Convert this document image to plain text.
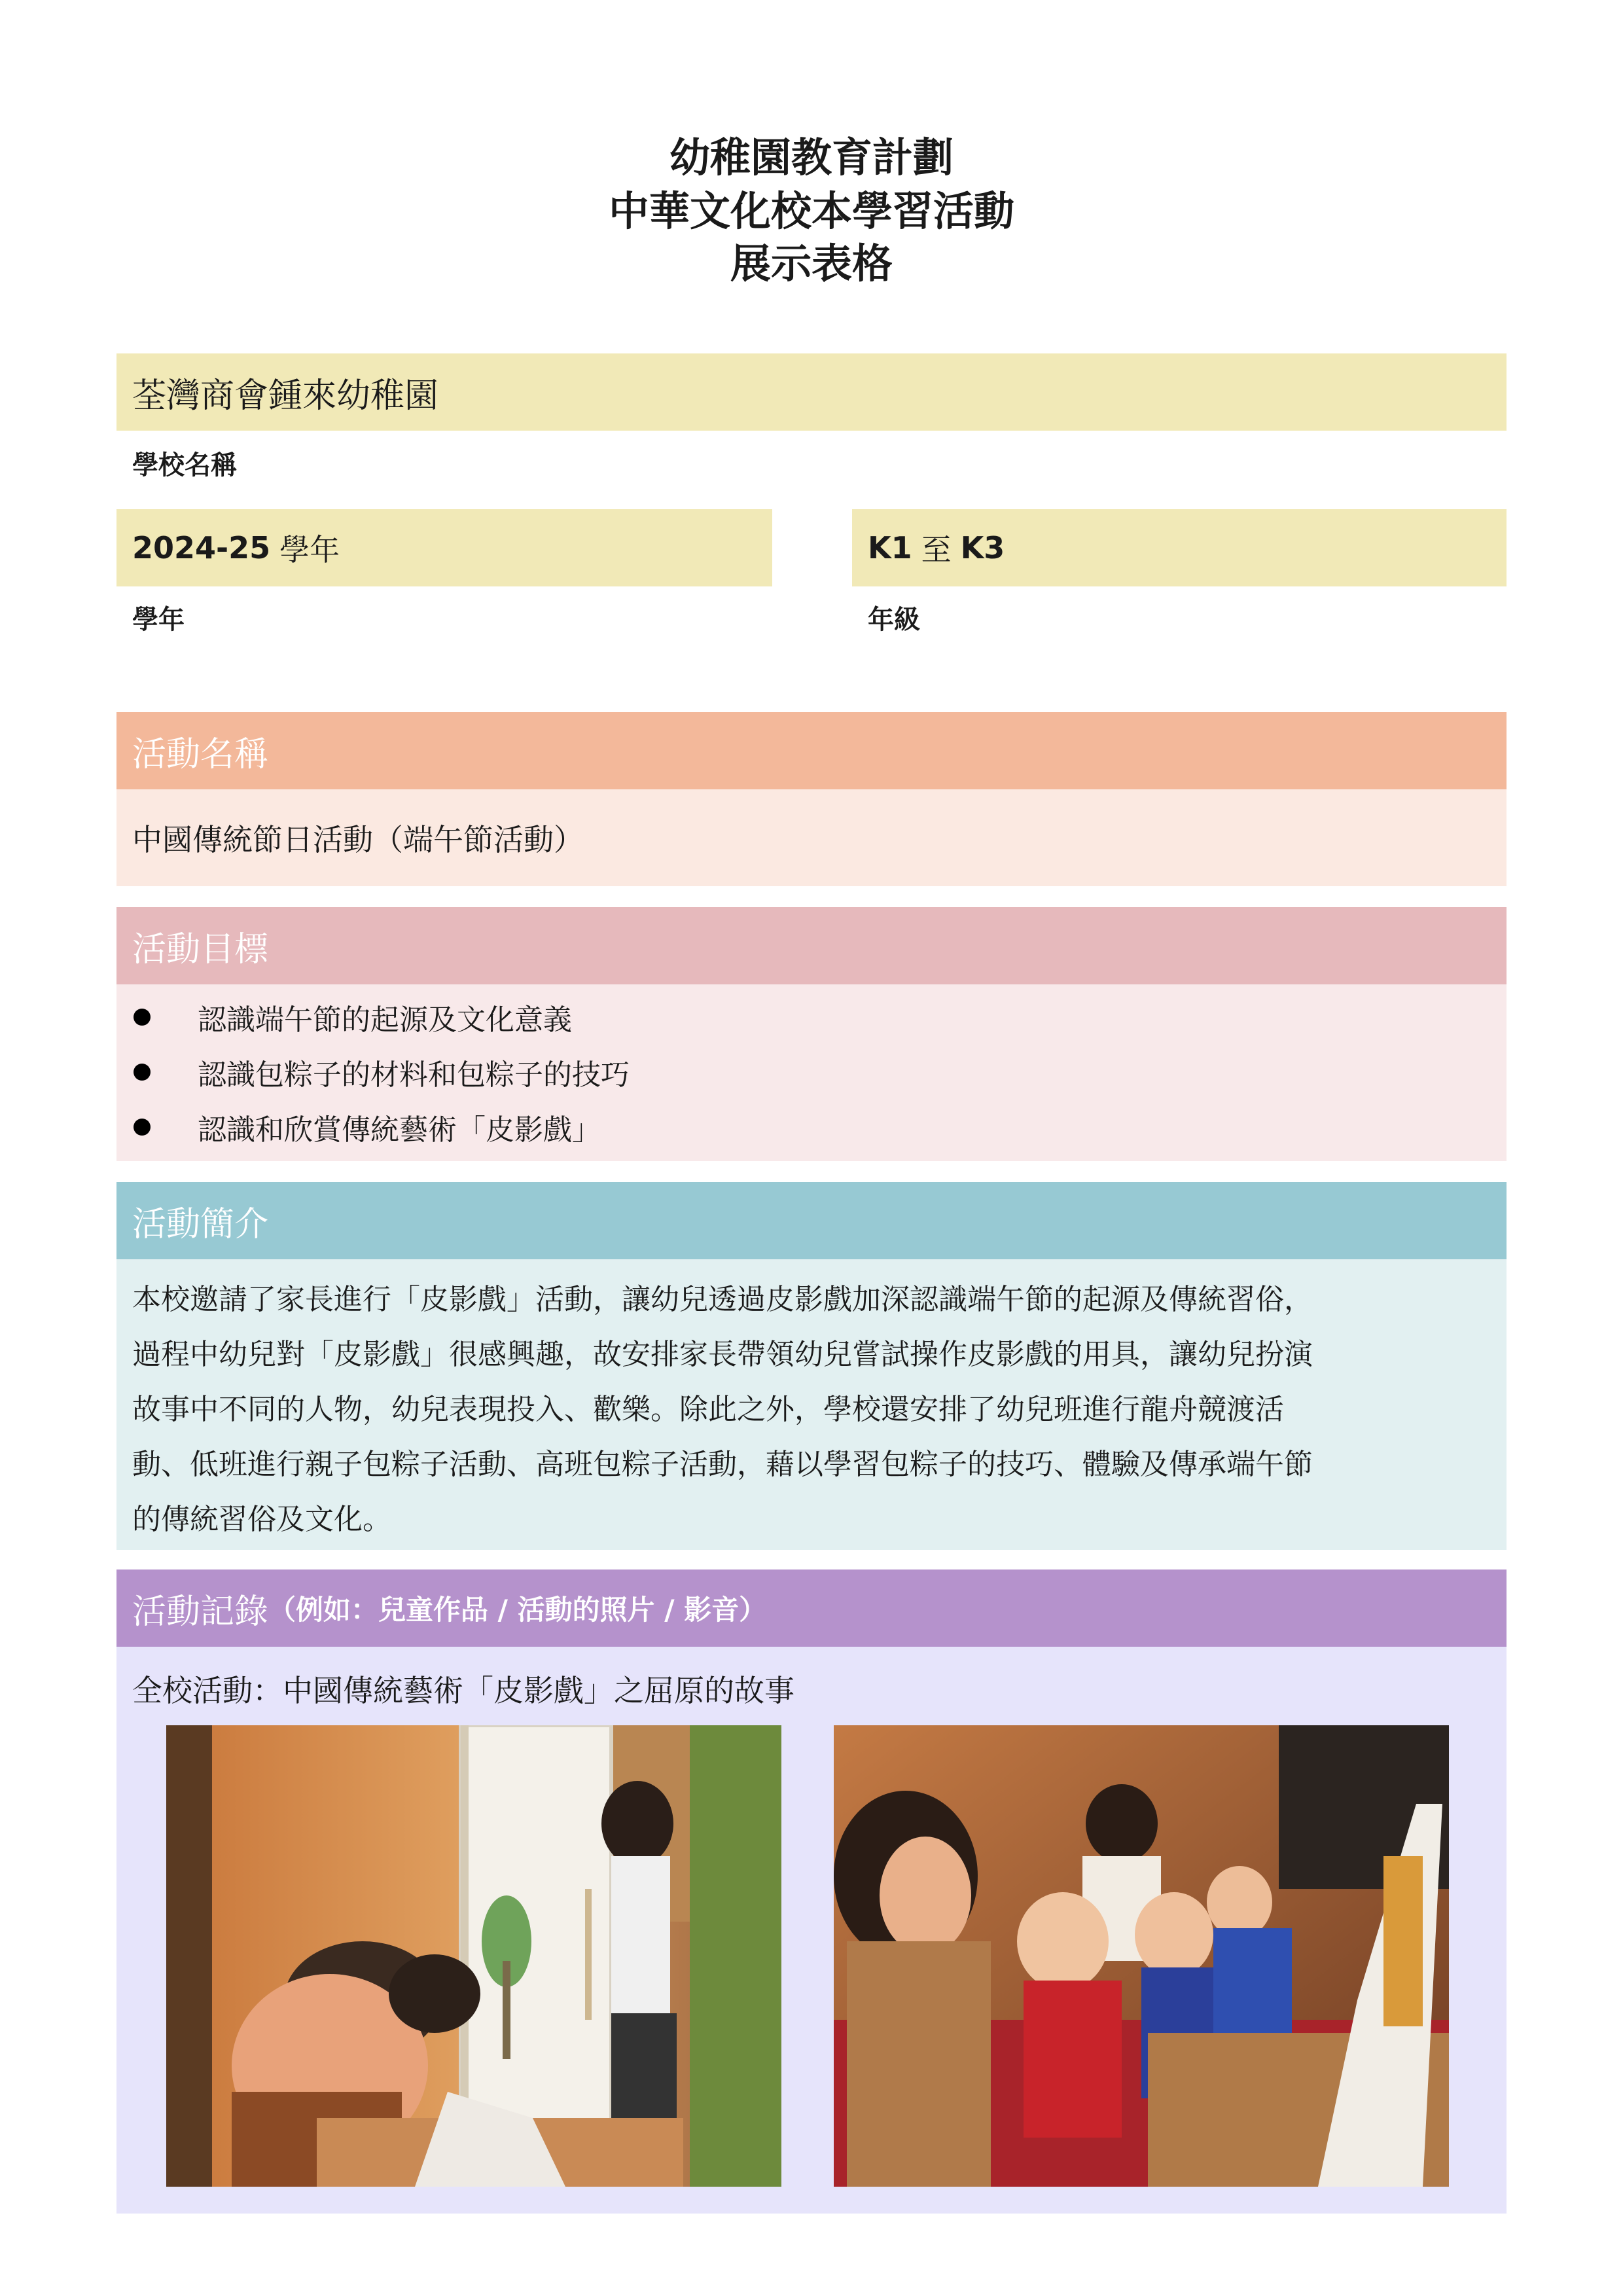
幼稚園教育計劃
中華文化校本學習活動
展示表格
荃灣商會鍾來幼稚園
學校名稱
2024-25 學年
學年
K1 至 K3
年級
活動名稱
中國傳統節日活動（端午節活動）
活動目標
認識端午節的起源及文化意義
認識包粽子的材料和包粽子的技巧
認識和欣賞傳統藝術「皮影戲」
活動簡介
本校邀請了家長進行「皮影戲」活動，讓幼兒透過皮影戲加深認識端午節的起源及傳統習俗，
過程中幼兒對「皮影戲」很感興趣，故安排家長帶領幼兒嘗試操作皮影戲的用具，讓幼兒扮演
故事中不同的人物，幼兒表現投入、歡樂。除此之外，學校還安排了幼兒班進行龍舟競渡活
動、低班進行親子包粽子活動、高班包粽子活動，藉以學習包粽子的技巧、體驗及傳承端午節
的傳統習俗及文化。
活動記錄 （例如：兒童作品 / 活動的照片 / 影音）
全校活動：中國傳統藝術「皮影戲」之屈原的故事
